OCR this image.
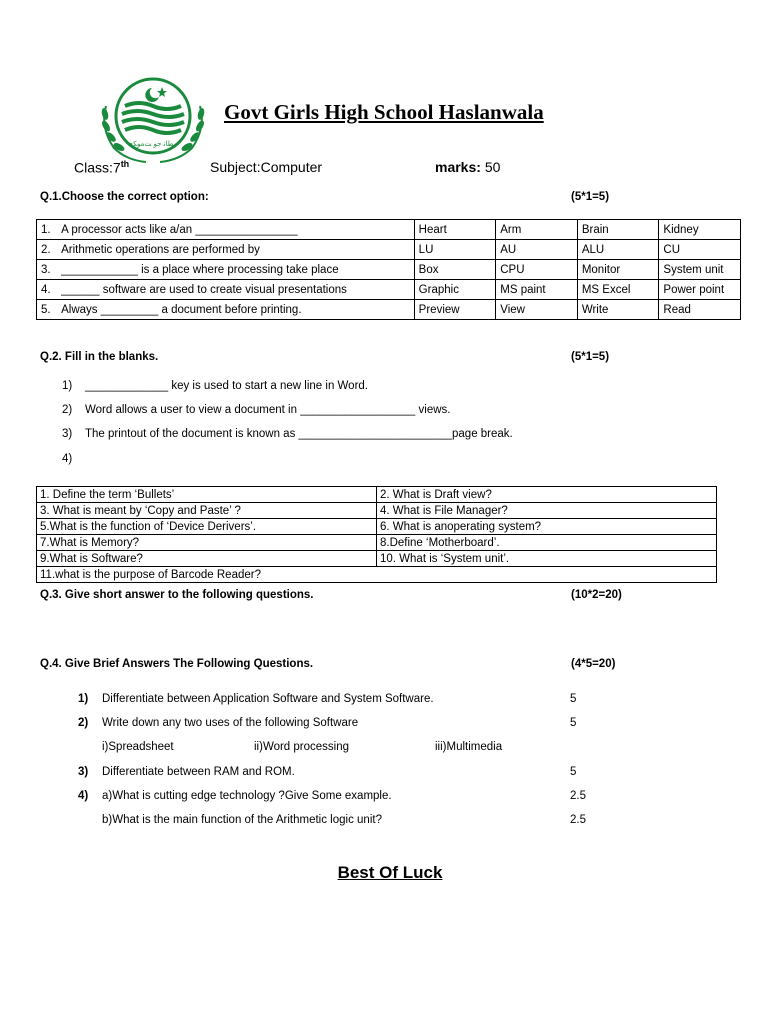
ﻣﻄﺎﻧ ﺟﻮ ﺖﻣﻮﻜﺣ
Govt Girls High School Haslanwala
Class:7th	Subject:Computer	marks: 50
Q.1.Choose the correct option:	(5*1=5)
1.	A processor acts like a/an ________________	Heart	Arm	Brain	Kidney
2.	Arithmetic operations are performed by	LU	AU	ALU	CU
3.	____________ is a place where processing take place	Box	CPU	Monitor	System unit
4.	______ software are used to create visual presentations	Graphic	MS paint	MS Excel	Power point
5.	Always _________ a document before printing.	Preview	View	Write	Read
Q.2. Fill in the blanks.	(5*1=5)
1) _____________ key is used to start a new line in Word.
2) Word allows a user to view a document in __________________ views.
3) The printout of the document is known as ________________________page break.
4)
1. Define the term ‘Bullets’	2. What is Draft view?
3. What is meant by ‘Copy and Paste’ ?	4. What is File Manager?
5.What is the function of ‘Device Derivers’.	6. What is anoperating system?
7.What is Memory?	8.Define ‘Motherboard’.
9.What is Software?	10. What is ‘System unit’.
11.what is the purpose of Barcode Reader?	
Q.3. Give short answer to the following questions.	(10*2=20)
Q.4. Give Brief Answers The Following Questions.	(4*5=20)
1) Differentiate between Application Software and System Software.	5
2) Write down any two uses of the following Software	5
i)Spreadsheet	ii)Word processing	iii)Multimedia
3) Differentiate between RAM and ROM.	5
4) a)What is cutting edge technology ?Give Some example.	2.5
b)What is the main function of the Arithmetic logic unit?	2.5
Best Of Luck
